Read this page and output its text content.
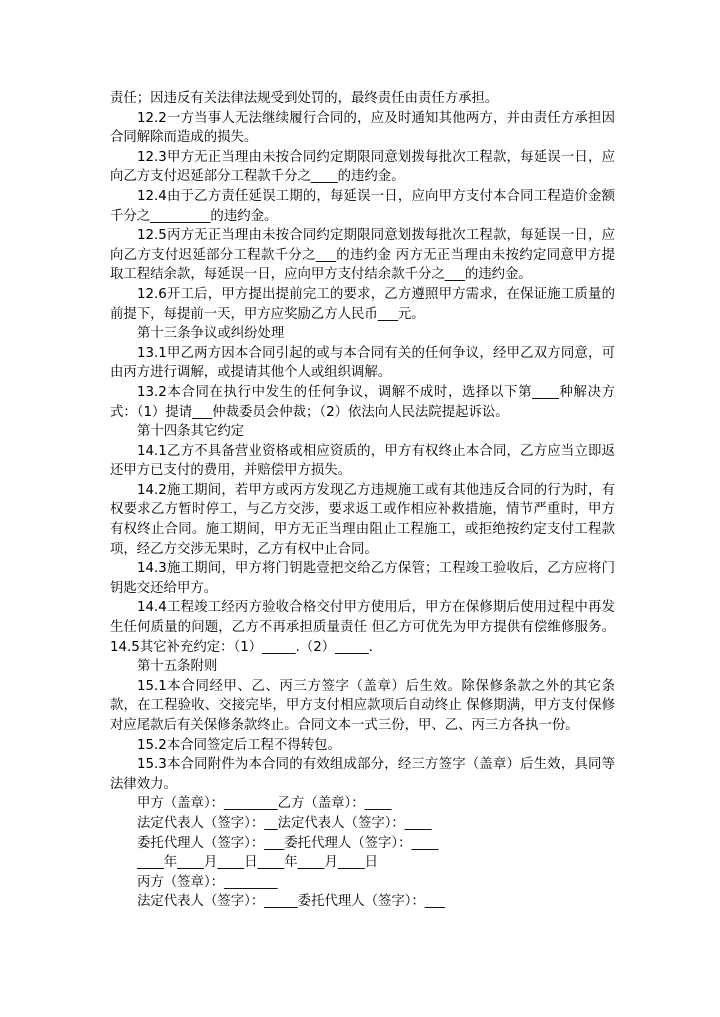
责任；因违反有关法律法规受到处罚的，最终责任由责任方承担。

12.2一方当事人无法继续履行合同的，应及时通知其他两方，并由责任方承担因合同解除而造成的损失。

12.3甲方无正当理由未按合同约定期限同意划拨每批次工程款，每延误一日，应向乙方支付迟延部分工程款千分之____的违约金。

12.4由于乙方责任延误工期的，每延误一日，应向甲方支付本合同工程造价金额千分之_________的违约金。

12.5丙方无正当理由未按合同约定期限同意划拨每批次工程款，每延误一日，应向乙方支付迟延部分工程款千分之___的违约金 丙方无正当理由未按约定同意甲方提取工程结余款，每延误一日，应向甲方支付结余款千分之___的违约金。

12.6开工后，甲方提出提前完工的要求，乙方遵照甲方需求，在保证施工质量的前提下，每提前一天，甲方应奖励乙方人民币___元。

第十三条争议或纠纷处理

13.1甲乙两方因本合同引起的或与本合同有关的任何争议，经甲乙双方同意，可由丙方进行调解，或提请其他个人或组织调解。

13.2本合同在执行中发生的任何争议，调解不成时，选择以下第____种解决方式：（1）提请___仲裁委员会仲裁；（2）依法向人民法院提起诉讼。

第十四条其它约定

14.1乙方不具备营业资格或相应资质的，甲方有权终止本合同，乙方应当立即返还甲方已支付的费用，并赔偿甲方损失。

14.2施工期间，若甲方或丙方发现乙方违规施工或有其他违反合同的行为时，有权要求乙方暂时停工，与乙方交涉，要求返工或作相应补救措施，情节严重时，甲方有权终止合同。施工期间，甲方无正当理由阻止工程施工，或拒绝按约定支付工程款项，经乙方交涉无果时，乙方有权中止合同。

14.3施工期间，甲方将门钥匙壹把交给乙方保管；工程竣工验收后，乙方应将门钥匙交还给甲方。

14.4工程竣工经丙方验收合格交付甲方使用后，甲方在保修期后使用过程中再发生任何质量的问题，乙方不再承担质量责任 但乙方可优先为甲方提供有偿维修服务。14.5其它补充约定：（1）_____.（2）_____.

第十五条附则

15.1本合同经甲、乙、丙三方签字（盖章）后生效。除保修条款之外的其它条款，在工程验收、交接完毕，甲方支付相应款项后自动终止 保修期满，甲方支付保修对应尾款后有关保修条款终止。合同文本一式三份，甲、乙、丙三方各执一份。

15.2本合同签定后工程不得转包。

15.3本合同附件为本合同的有效组成部分，经三方签字（盖章）后生效，具同等法律效力。

甲方（盖章）：________乙方（盖章）：____

法定代表人（签字）：__法定代表人（签字）：____

委托代理人（签字）：___委托代理人（签字）：____

____年____月____日____年____月____日

丙方（签章）：________

法定代表人（签字）：_____委托代理人（签字）：___
